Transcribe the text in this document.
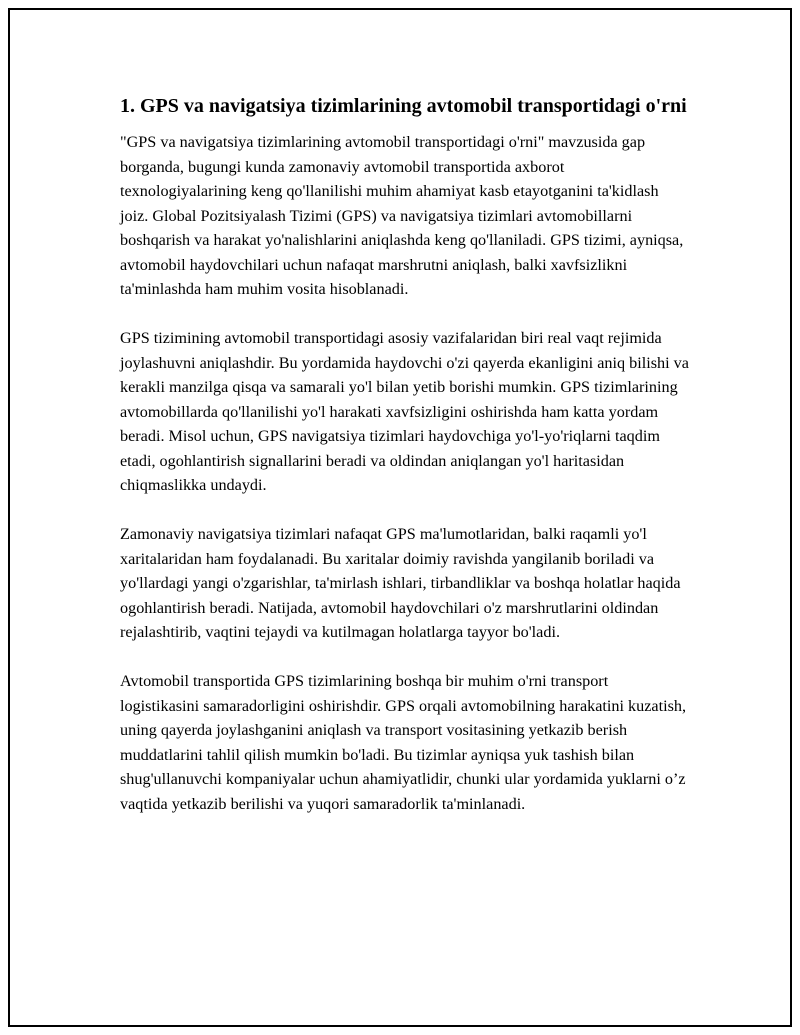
1. GPS va navigatsiya tizimlarining avtomobil transportidagi o'rni

"GPS va navigatsiya tizimlarining avtomobil transportidagi o'rni" mavzusida gap borganda, bugungi kunda zamonaviy avtomobil transportida axborot texnologiyalarining keng qo'llanilishi muhim ahamiyat kasb etayotganini ta'kidlash joiz. Global Pozitsiyalash Tizimi (GPS) va navigatsiya tizimlari avtomobillarni boshqarish va harakat yo'nalishlarini aniqlashda keng qo'llaniladi. GPS tizimi, ayniqsa, avtomobil haydovchilari uchun nafaqat marshrutni aniqlash, balki xavfsizlikni ta'minlashda ham muhim vosita hisoblanadi.

GPS tizimining avtomobil transportidagi asosiy vazifalaridan biri real vaqt rejimida joylashuvni aniqlashdir. Bu yordamida haydovchi o'zi qayerda ekanligini aniq bilishi va kerakli manzilga qisqa va samarali yo'l bilan yetib borishi mumkin. GPS tizimlarining avtomobillarda qo'llanilishi yo'l harakati xavfsizligini oshirishda ham katta yordam beradi. Misol uchun, GPS navigatsiya tizimlari haydovchiga yo'l-yo'riqlarni taqdim etadi, ogohlantirish signallarini beradi va oldindan aniqlangan yo'l haritasidan chiqmaslikka undaydi.

Zamonaviy navigatsiya tizimlari nafaqat GPS ma'lumotlaridan, balki raqamli yo'l xaritalaridan ham foydalanadi. Bu xaritalar doimiy ravishda yangilanib boriladi va yo'llardagi yangi o'zgarishlar, ta'mirlash ishlari, tirbandliklar va boshqa holatlar haqida ogohlantirish beradi. Natijada, avtomobil haydovchilari o'z marshrutlarini oldindan rejalashtirib, vaqtini tejaydi va kutilmagan holatlarga tayyor bo'ladi.

Avtomobil transportida GPS tizimlarining boshqa bir muhim o'rni transport logistikasini samaradorligini oshirishdir. GPS orqali avtomobilning harakatini kuzatish, uning qayerda joylashganini aniqlash va transport vositasining yetkazib berish muddatlarini tahlil qilish mumkin bo'ladi. Bu tizimlar ayniqsa yuk tashish bilan shug'ullanuvchi kompaniyalar uchun ahamiyatlidir, chunki ular yordamida yuklarni o’z vaqtida yetkazib berilishi va yuqori samaradorlik ta'minlanadi.
